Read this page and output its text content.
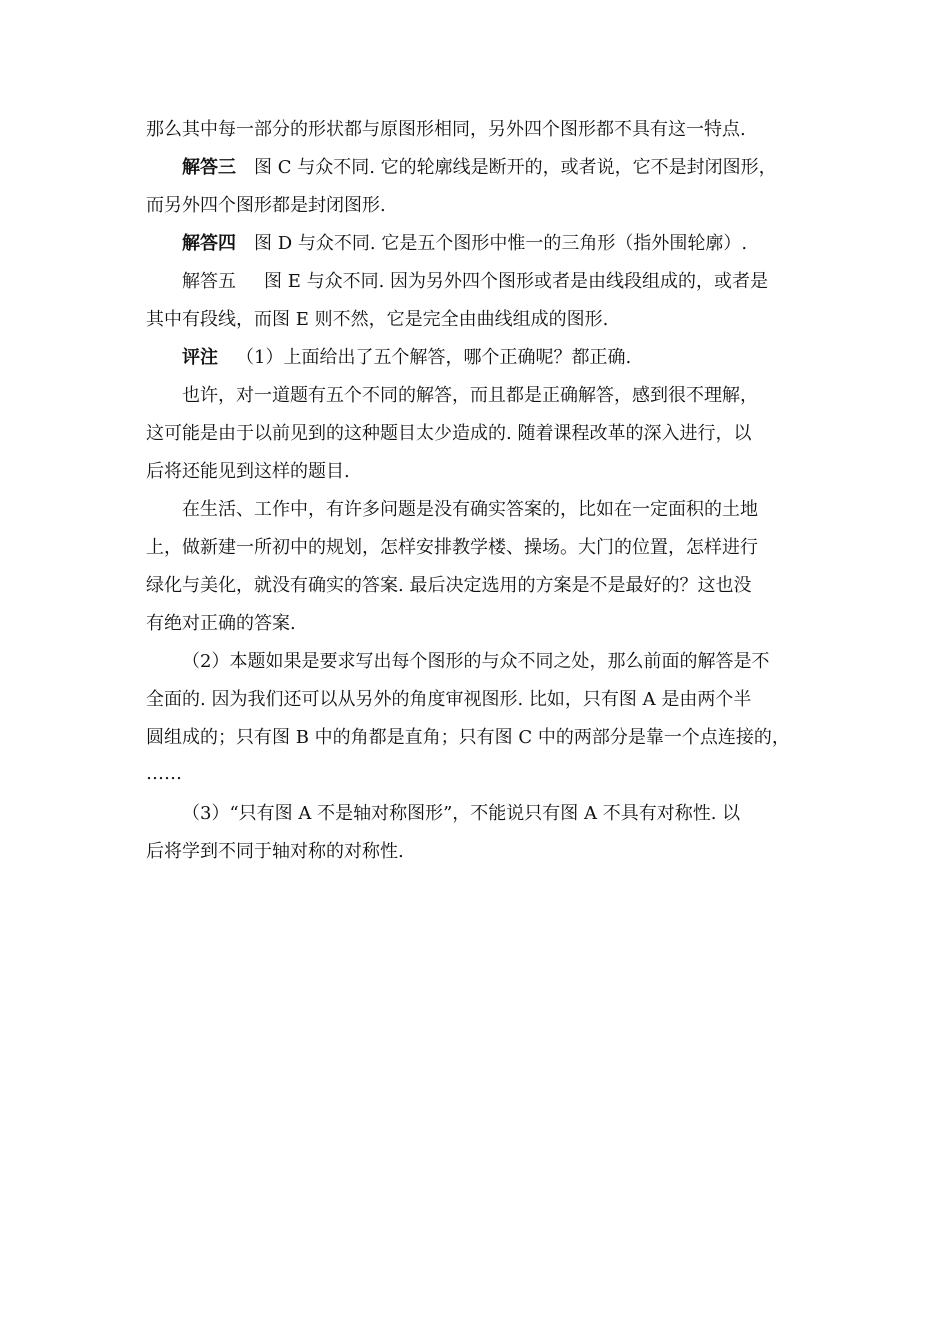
那么其中每一部分的形状都与原图形相同，另外四个图形都不具有这一特点.
解答三 图 C 与众不同. 它的轮廓线是断开的，或者说，它不是封闭图形，
而另外四个图形都是封闭图形.
解答四 图 D 与众不同. 它是五个图形中惟一的三角形（指外围轮廓）.
解答五 图 E 与众不同. 因为另外四个图形或者是由线段组成的，或者是
其中有段线，而图 E 则不然，它是完全由曲线组成的图形.
评注 （1）上面给出了五个解答，哪个正确呢？都正确.
也许，对一道题有五个不同的解答，而且都是正确解答，感到很不理解，
这可能是由于以前见到的这种题目太少造成的. 随着课程改革的深入进行，以
后将还能见到这样的题目.
在生活、工作中，有许多问题是没有确实答案的，比如在一定面积的土地
上，做新建一所初中的规划，怎样安排教学楼、操场。大门的位置，怎样进行
绿化与美化，就没有确实的答案. 最后决定选用的方案是不是最好的？这也没
有绝对正确的答案.
（2）本题如果是要求写出每个图形的与众不同之处，那么前面的解答是不
全面的. 因为我们还可以从另外的角度审视图形. 比如，只有图 A 是由两个半
圆组成的；只有图 B 中的角都是直角；只有图 C 中的两部分是靠一个点连接的，
……
（3）“只有图 A 不是轴对称图形”，不能说只有图 A 不具有对称性. 以
后将学到不同于轴对称的对称性.
